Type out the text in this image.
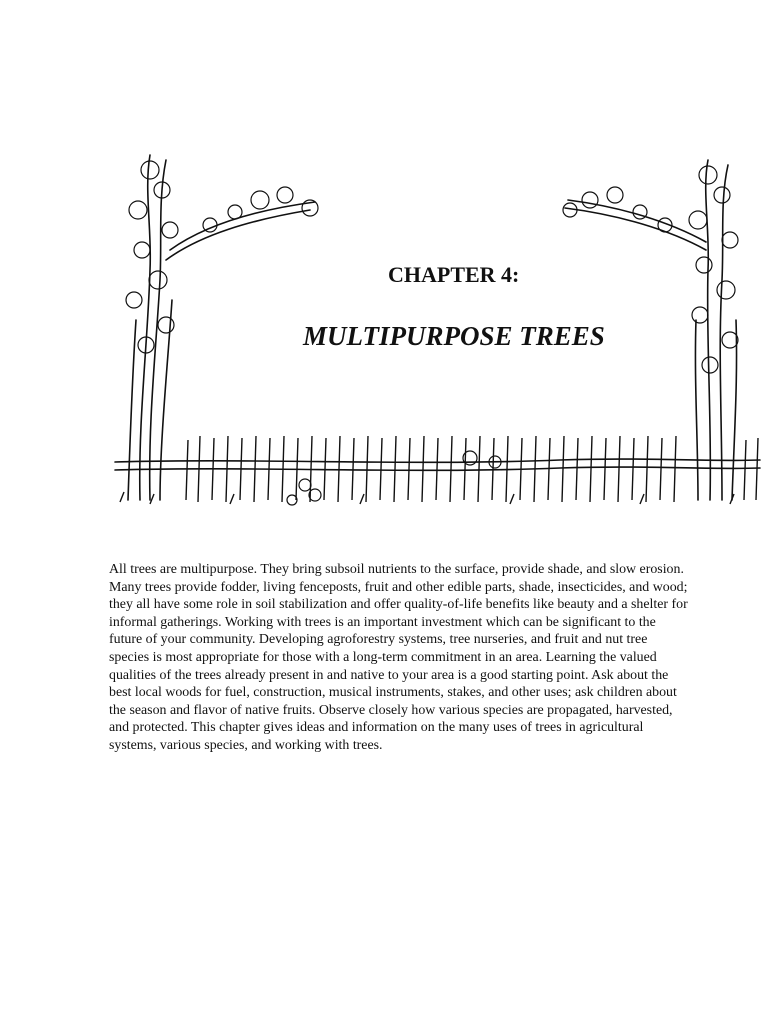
CHAPTER 4:
MULTIPURPOSE TREES

All trees are multipurpose. They bring subsoil nutrients to the surface, provide shade, and slow erosion. Many trees provide fodder, living fenceposts, fruit and other edible parts, shade, insecticides, and wood; they all have some role in soil stabilization and offer quality-of-life benefits like beauty and a shelter for informal gatherings. Working with trees is an important investment which can be significant to the future of your community. Developing agroforestry systems, tree nurseries, and fruit and nut tree species is most appropriate for those with a long-term commitment in an area. Learning the valued qualities of the trees already present in and native to your area is a good starting point. Ask about the best local woods for fuel, construction, musical instruments, stakes, and other uses; ask children about the season and flavor of native fruits. Observe closely how various species are propagated, harvested, and protected. This chapter gives ideas and information on the many uses of trees in agricultural systems, various species, and working with trees.
